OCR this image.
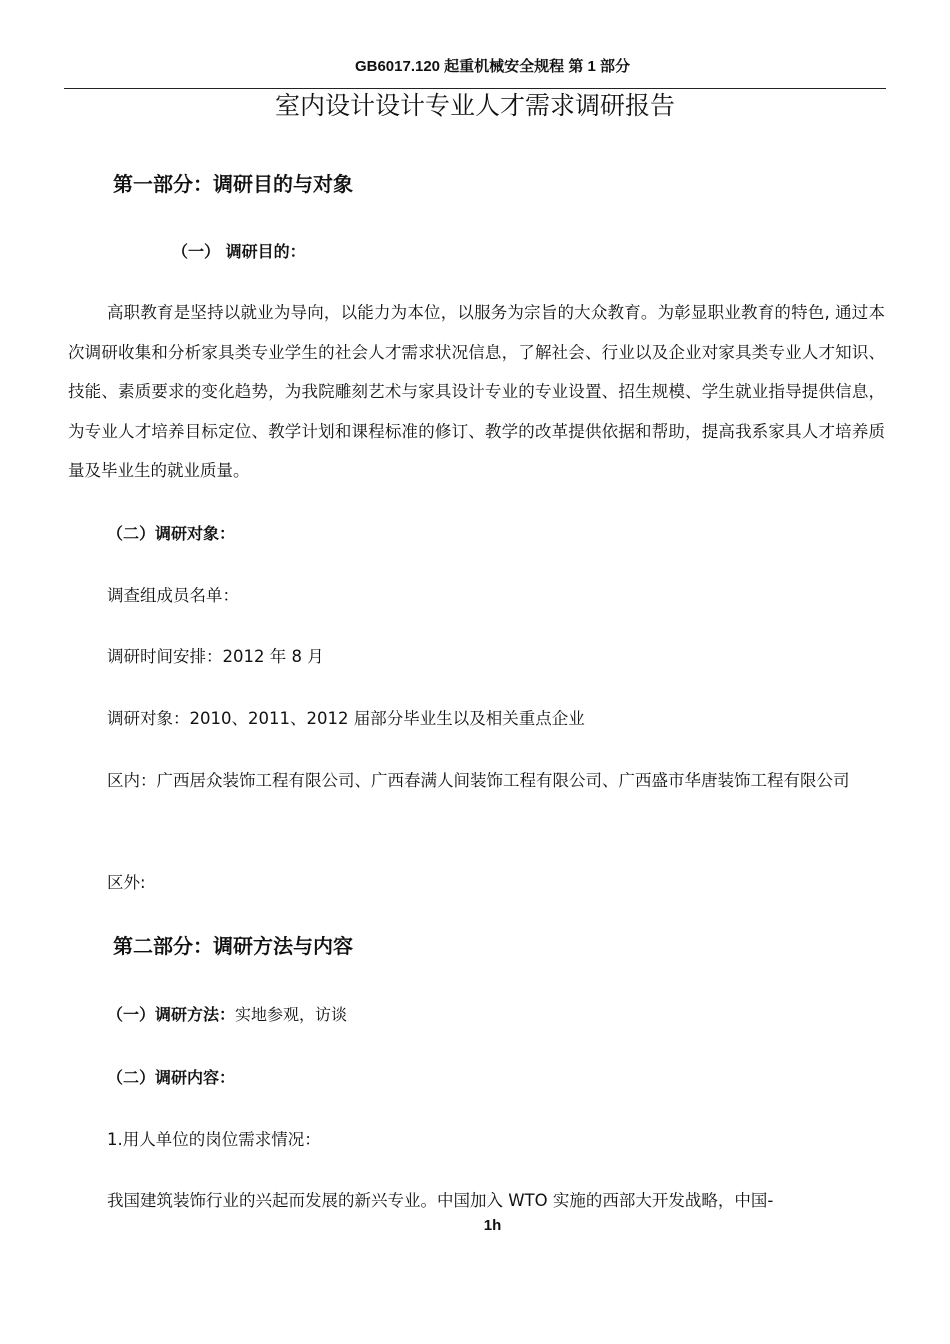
GB6017.120 起重机械安全规程 第 1 部分
室内设计设计专业人才需求调研报告
第一部分：调研目的与对象
（一） 调研目的：
高职教育是坚持以就业为导向，以能力为本位，以服务为宗旨的大众教育。为彰显职业教育的特色, 通过本次调研收集和分析家具类专业学生的社会人才需求状况信息，了解社会、行业以及企业对家具类专业人才知识、技能、素质要求的变化趋势，为我院雕刻艺术与家具设计专业的专业设置、招生规模、学生就业指导提供信息，为专业人才培养目标定位、教学计划和课程标准的修订、教学的改革提供依据和帮助，提高我系家具人才培养质量及毕业生的就业质量。
（二）调研对象：
调查组成员名单：
调研时间安排：2012 年 8 月
调研对象：2010、2011、2012 届部分毕业生以及相关重点企业
区内：广西居众装饰工程有限公司、广西春满人间装饰工程有限公司、广西盛市华唐装饰工程有限公司
区外:
第二部分：调研方法与内容
（一）调研方法：实地参观，访谈
（二）调研内容：
1.用人单位的岗位需求情况：
我国建筑装饰行业的兴起而发展的新兴专业。中国加入 WTO 实施的西部大开发战略，中国-
1h
